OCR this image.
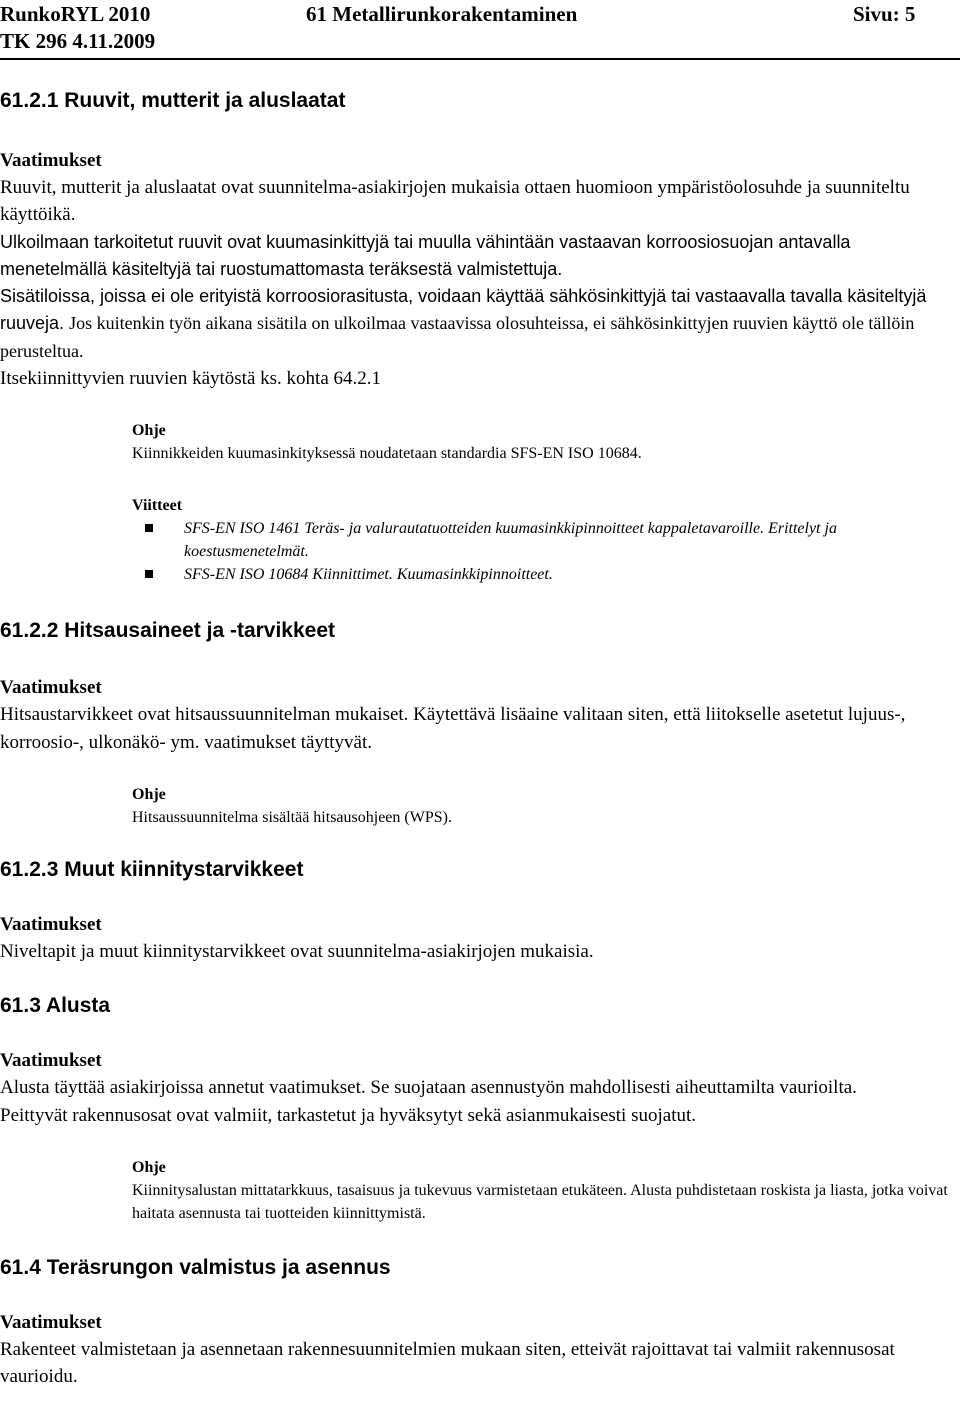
RunkoRYL 2010
TK 296 4.11.2009
61 Metallirunkorakentaminen	Sivu: 5
61.2.1 Ruuvit, mutterit ja aluslaatat

Vaatimukset

Ruuvit, mutterit ja aluslaatat ovat suunnitelma-asiakirjojen mukaisia ottaen huomioon ympäristöolosuhde ja suunniteltu käyttöikä.

Ulkoilmaan tarkoitetut ruuvit ovat kuumasinkittyjä tai muulla vähintään vastaavan korroosiosuojan antavalla menetelmällä käsiteltyjä tai ruostumattomasta teräksestä valmistettuja.

Sisätiloissa, joissa ei ole erityistä korroosiorasitusta, voidaan käyttää sähkösinkittyjä tai vastaavalla tavalla käsiteltyjä ruuveja. Jos kuitenkin työn aikana sisätila on ulkoilmaa vastaavissa olosuhteissa, ei sähkösinkittyjen ruuvien käyttö ole tällöin perusteltua.

Itsekiinnittyvien ruuvien käytöstä ks. kohta 64.2.1

Ohje

Kiinnikkeiden kuumasinkityksessä noudatetaan standardia SFS-EN ISO 10684.

Viitteet

SFS-EN ISO 1461 Teräs- ja valurautatuotteiden kuumasinkkipinnoitteet kappaletavaroille. Erittelyt ja koestusmenetelmät.
SFS-EN ISO 10684 Kiinnittimet. Kuumasinkkipinnoitteet.
61.2.2 Hitsausaineet ja -tarvikkeet

Vaatimukset

Hitsaustarvikkeet ovat hitsaussuunnitelman mukaiset. Käytettävä lisäaine valitaan siten, että liitokselle asetetut lujuus-, korroosio-, ulkonäkö- ym. vaatimukset täyttyvät.

Ohje

Hitsaussuunnitelma sisältää hitsausohjeen (WPS).

61.2.3 Muut kiinnitystarvikkeet

Vaatimukset

Niveltapit ja muut kiinnitystarvikkeet ovat suunnitelma-asiakirjojen mukaisia.

61.3 Alusta

Vaatimukset

Alusta täyttää asiakirjoissa annetut vaatimukset. Se suojataan asennustyön mahdollisesti aiheuttamilta vaurioilta.

Peittyvät rakennusosat ovat valmiit, tarkastetut ja hyväksytyt sekä asianmukaisesti suojatut.

Ohje

Kiinnitysalustan mittatarkkuus, tasaisuus ja tukevuus varmistetaan etukäteen. Alusta puhdistetaan roskista ja liasta, jotka voivat haitata asennusta tai tuotteiden kiinnittymistä.

61.4 Teräsrungon valmistus ja asennus

Vaatimukset

Rakenteet valmistetaan ja asennetaan rakennesuunnitelmien mukaan siten, etteivät rajoittavat tai valmiit rakennusosat vaurioidu.
